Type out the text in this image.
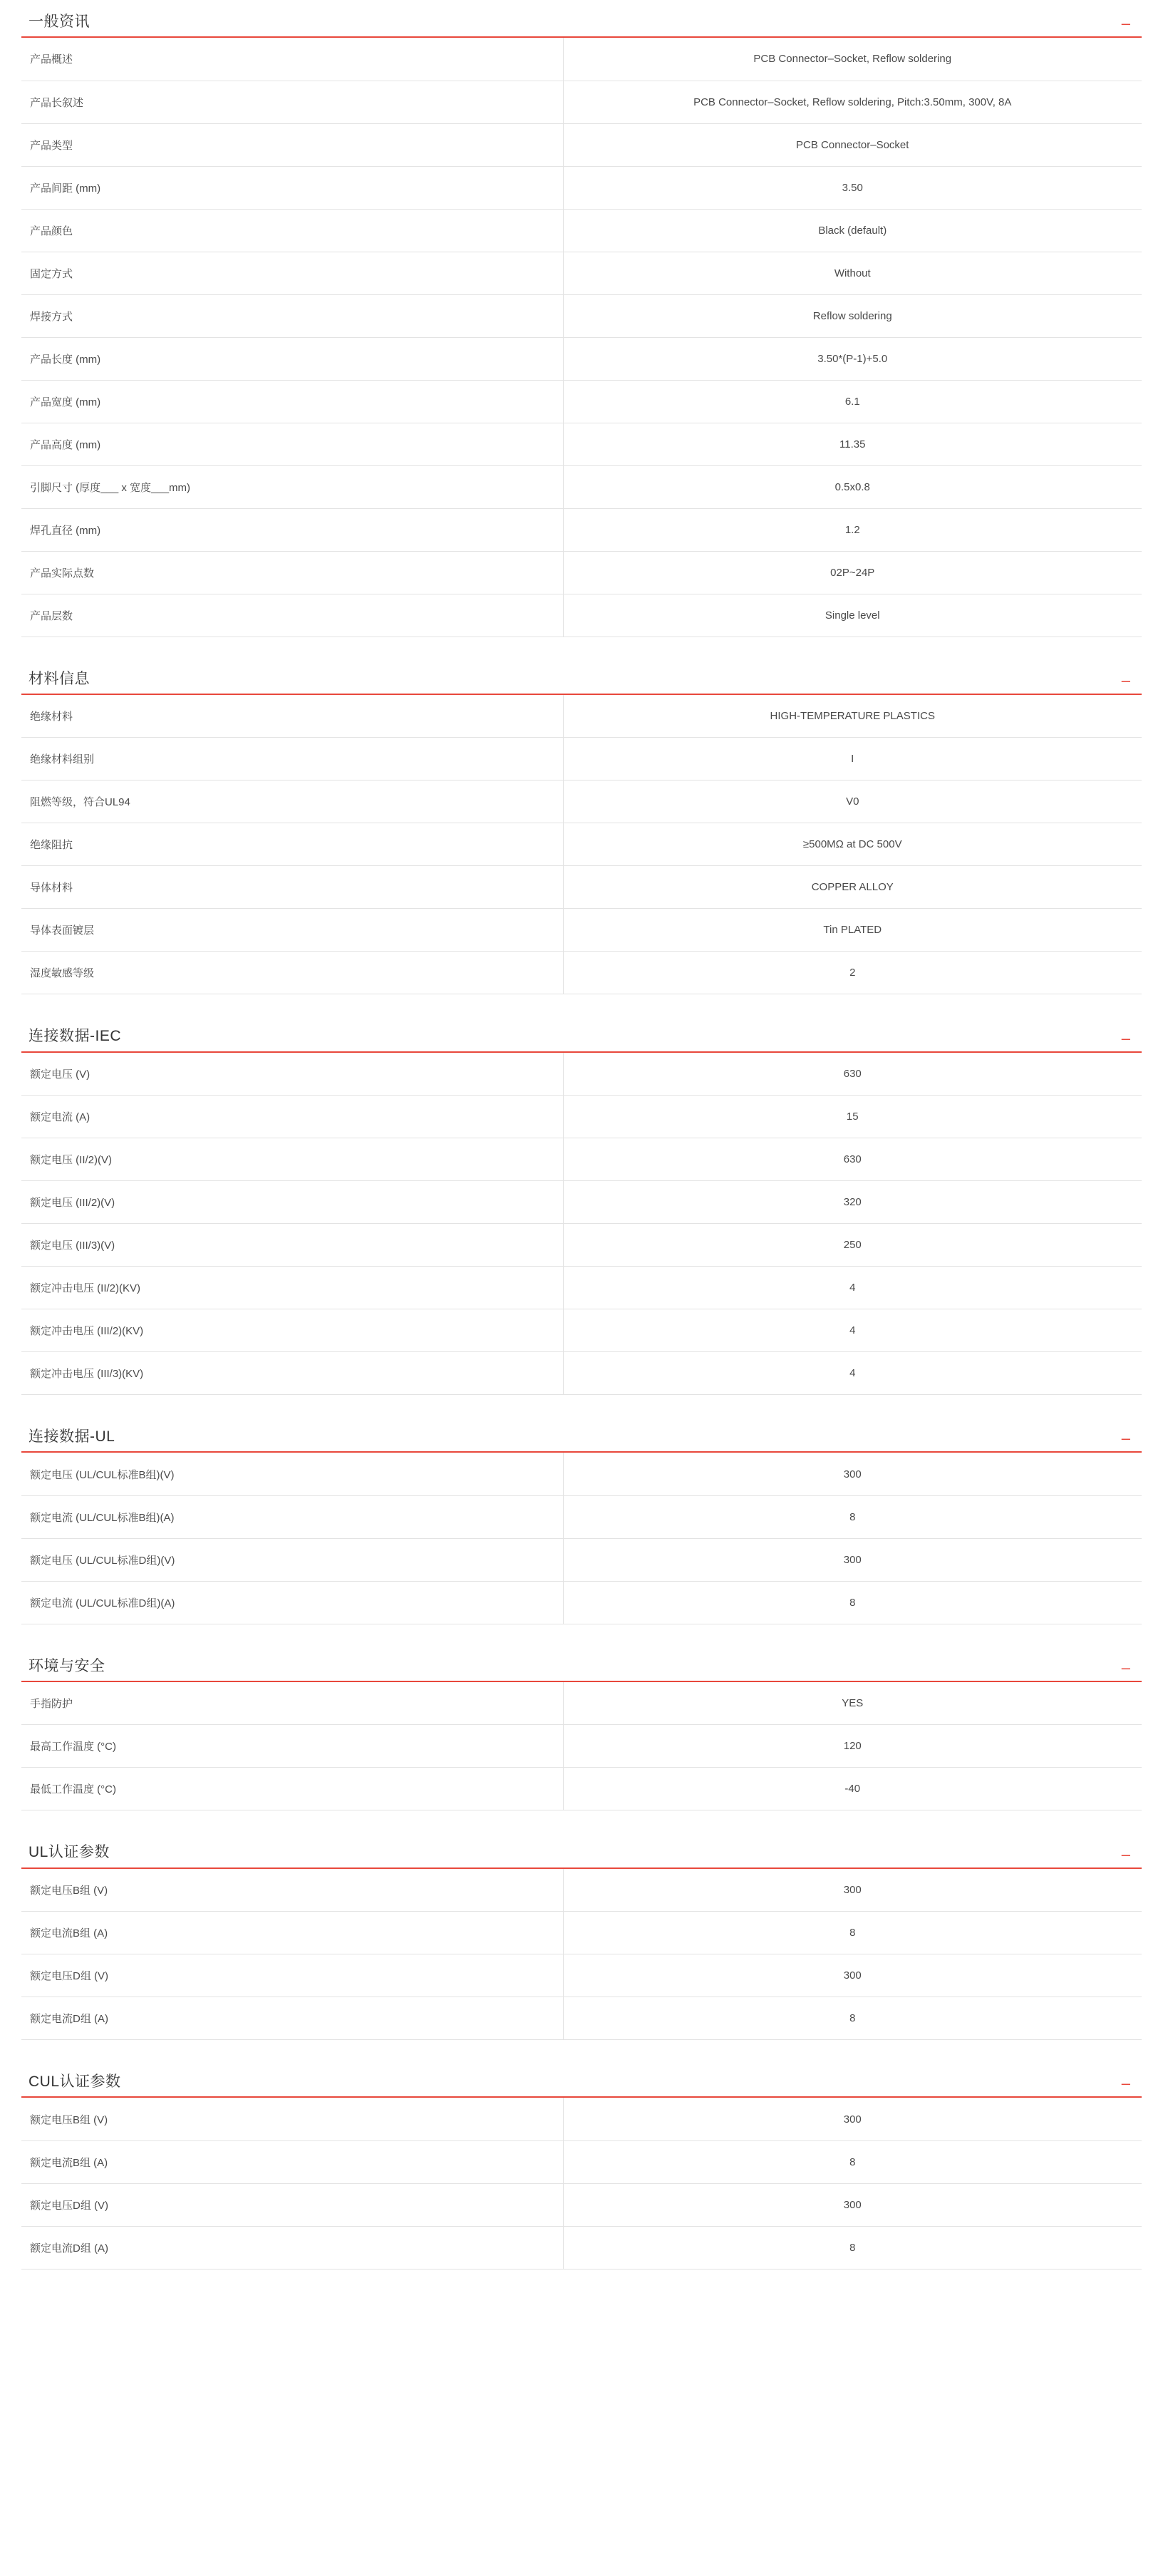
一般资讯	–
产品概述	PCB Connector–Socket, Reflow soldering
产品长叙述	PCB Connector–Socket, Reflow soldering, Pitch:3.50mm, 300V, 8A
产品类型	PCB Connector–Socket
产品间距 (mm)	3.50
产品颜色	Black (default)
固定方式	Without
焊接方式	Reflow soldering
产品长度 (mm)	3.50*(P-1)+5.0
产品宽度 (mm)	6.1
产品高度 (mm)	11.35
引脚尺寸 (厚度___ x 宽度___mm)	0.5x0.8
焊孔直径 (mm)	1.2
产品实际点数	02P~24P
产品层数	Single level
材料信息	–
绝缘材料	HIGH-TEMPERATURE PLASTICS
绝缘材料组别	I
阻燃等级，符合UL94	V0
绝缘阻抗	≥500MΩ at DC 500V
导体材料	COPPER ALLOY
导体表面镀层	Tin PLATED
湿度敏感等级	2
连接数据-IEC	–
额定电压 (V)	630
额定电流 (A)	15
额定电压 (II/2)(V)	630
额定电压 (III/2)(V)	320
额定电压 (III/3)(V)	250
额定冲击电压 (II/2)(KV)	4
额定冲击电压 (III/2)(KV)	4
额定冲击电压 (III/3)(KV)	4
连接数据-UL	–
额定电压 (UL/CUL标准B组)(V)	300
额定电流 (UL/CUL标准B组)(A)	8
额定电压 (UL/CUL标准D组)(V)	300
额定电流 (UL/CUL标准D组)(A)	8
环境与安全	–
手指防护	YES
最高工作温度 (°C)	120
最低工作温度 (°C)	-40
UL认证参数	–
额定电压B组 (V)	300
额定电流B组 (A)	8
额定电压D组 (V)	300
额定电流D组 (A)	8
CUL认证参数	–
额定电压B组 (V)	300
额定电流B组 (A)	8
额定电压D组 (V)	300
额定电流D组 (A)	8
